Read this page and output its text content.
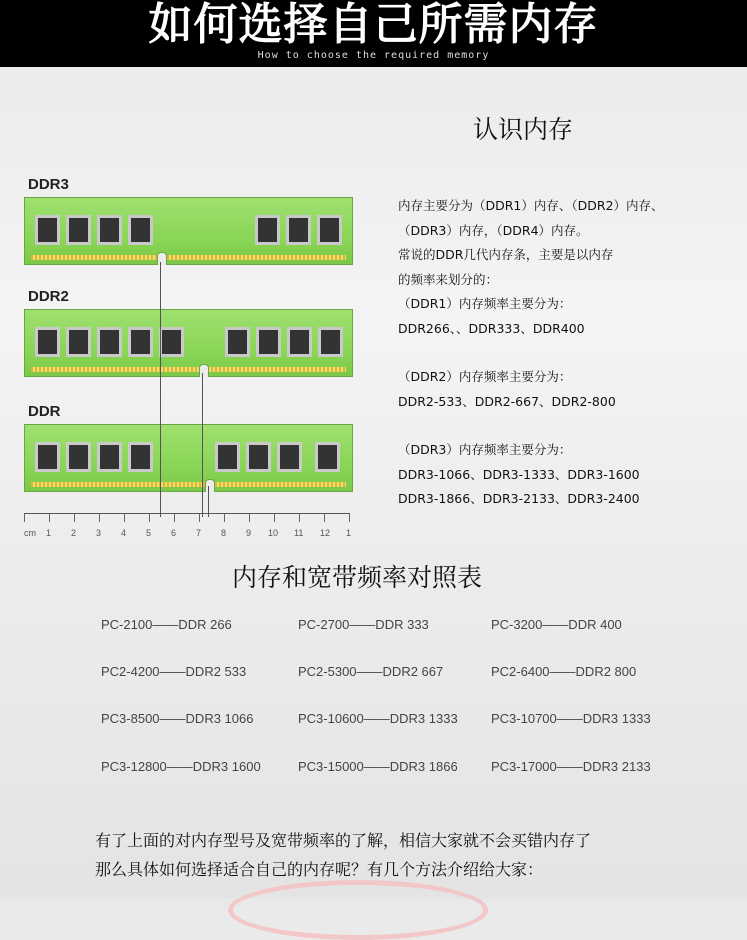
如何选择自己所需内存
How to choose the required memory
认识内存
内存主要分为（DDR1）内存、（DDR2）内存、
（DDR3）内存，（DDR4）内存。
常说的DDR几代内存条，主要是以内存
的频率来划分的：
（DDR1）内存频率主要分为：
DDR266、、DDR333、DDR400
（DDR2）内存频率主要分为：
DDR2-533、DDR2-667、DDR2-800
（DDR3）内存频率主要分为：
DDR3-1066、DDR3-1333、DDR3-1600
DDR3-1866、DDR3-2133、DDR3-2400
DDR3
DDR2
DDR
cm 1 2 3 4 5 6 7 8 9 10 11 12 1
内存和宽带频率对照表
PC-2100——DDR 266	PC-2700——DDR 333	PC-3200——DDR 400
PC2-4200——DDR2 533	PC2-5300——DDR2 667	PC2-6400——DDR2 800
PC3-8500——DDR3 1066	PC3-10600——DDR3 1333	PC3-10700——DDR3 1333
PC3-12800——DDR3 1600	PC3-15000——DDR3 1866	PC3-17000——DDR3 2133
有了上面的对内存型号及宽带频率的了解，相信大家就不会买错内存了
那么具体如何选择适合自己的内存呢？有几个方法介绍给大家：
